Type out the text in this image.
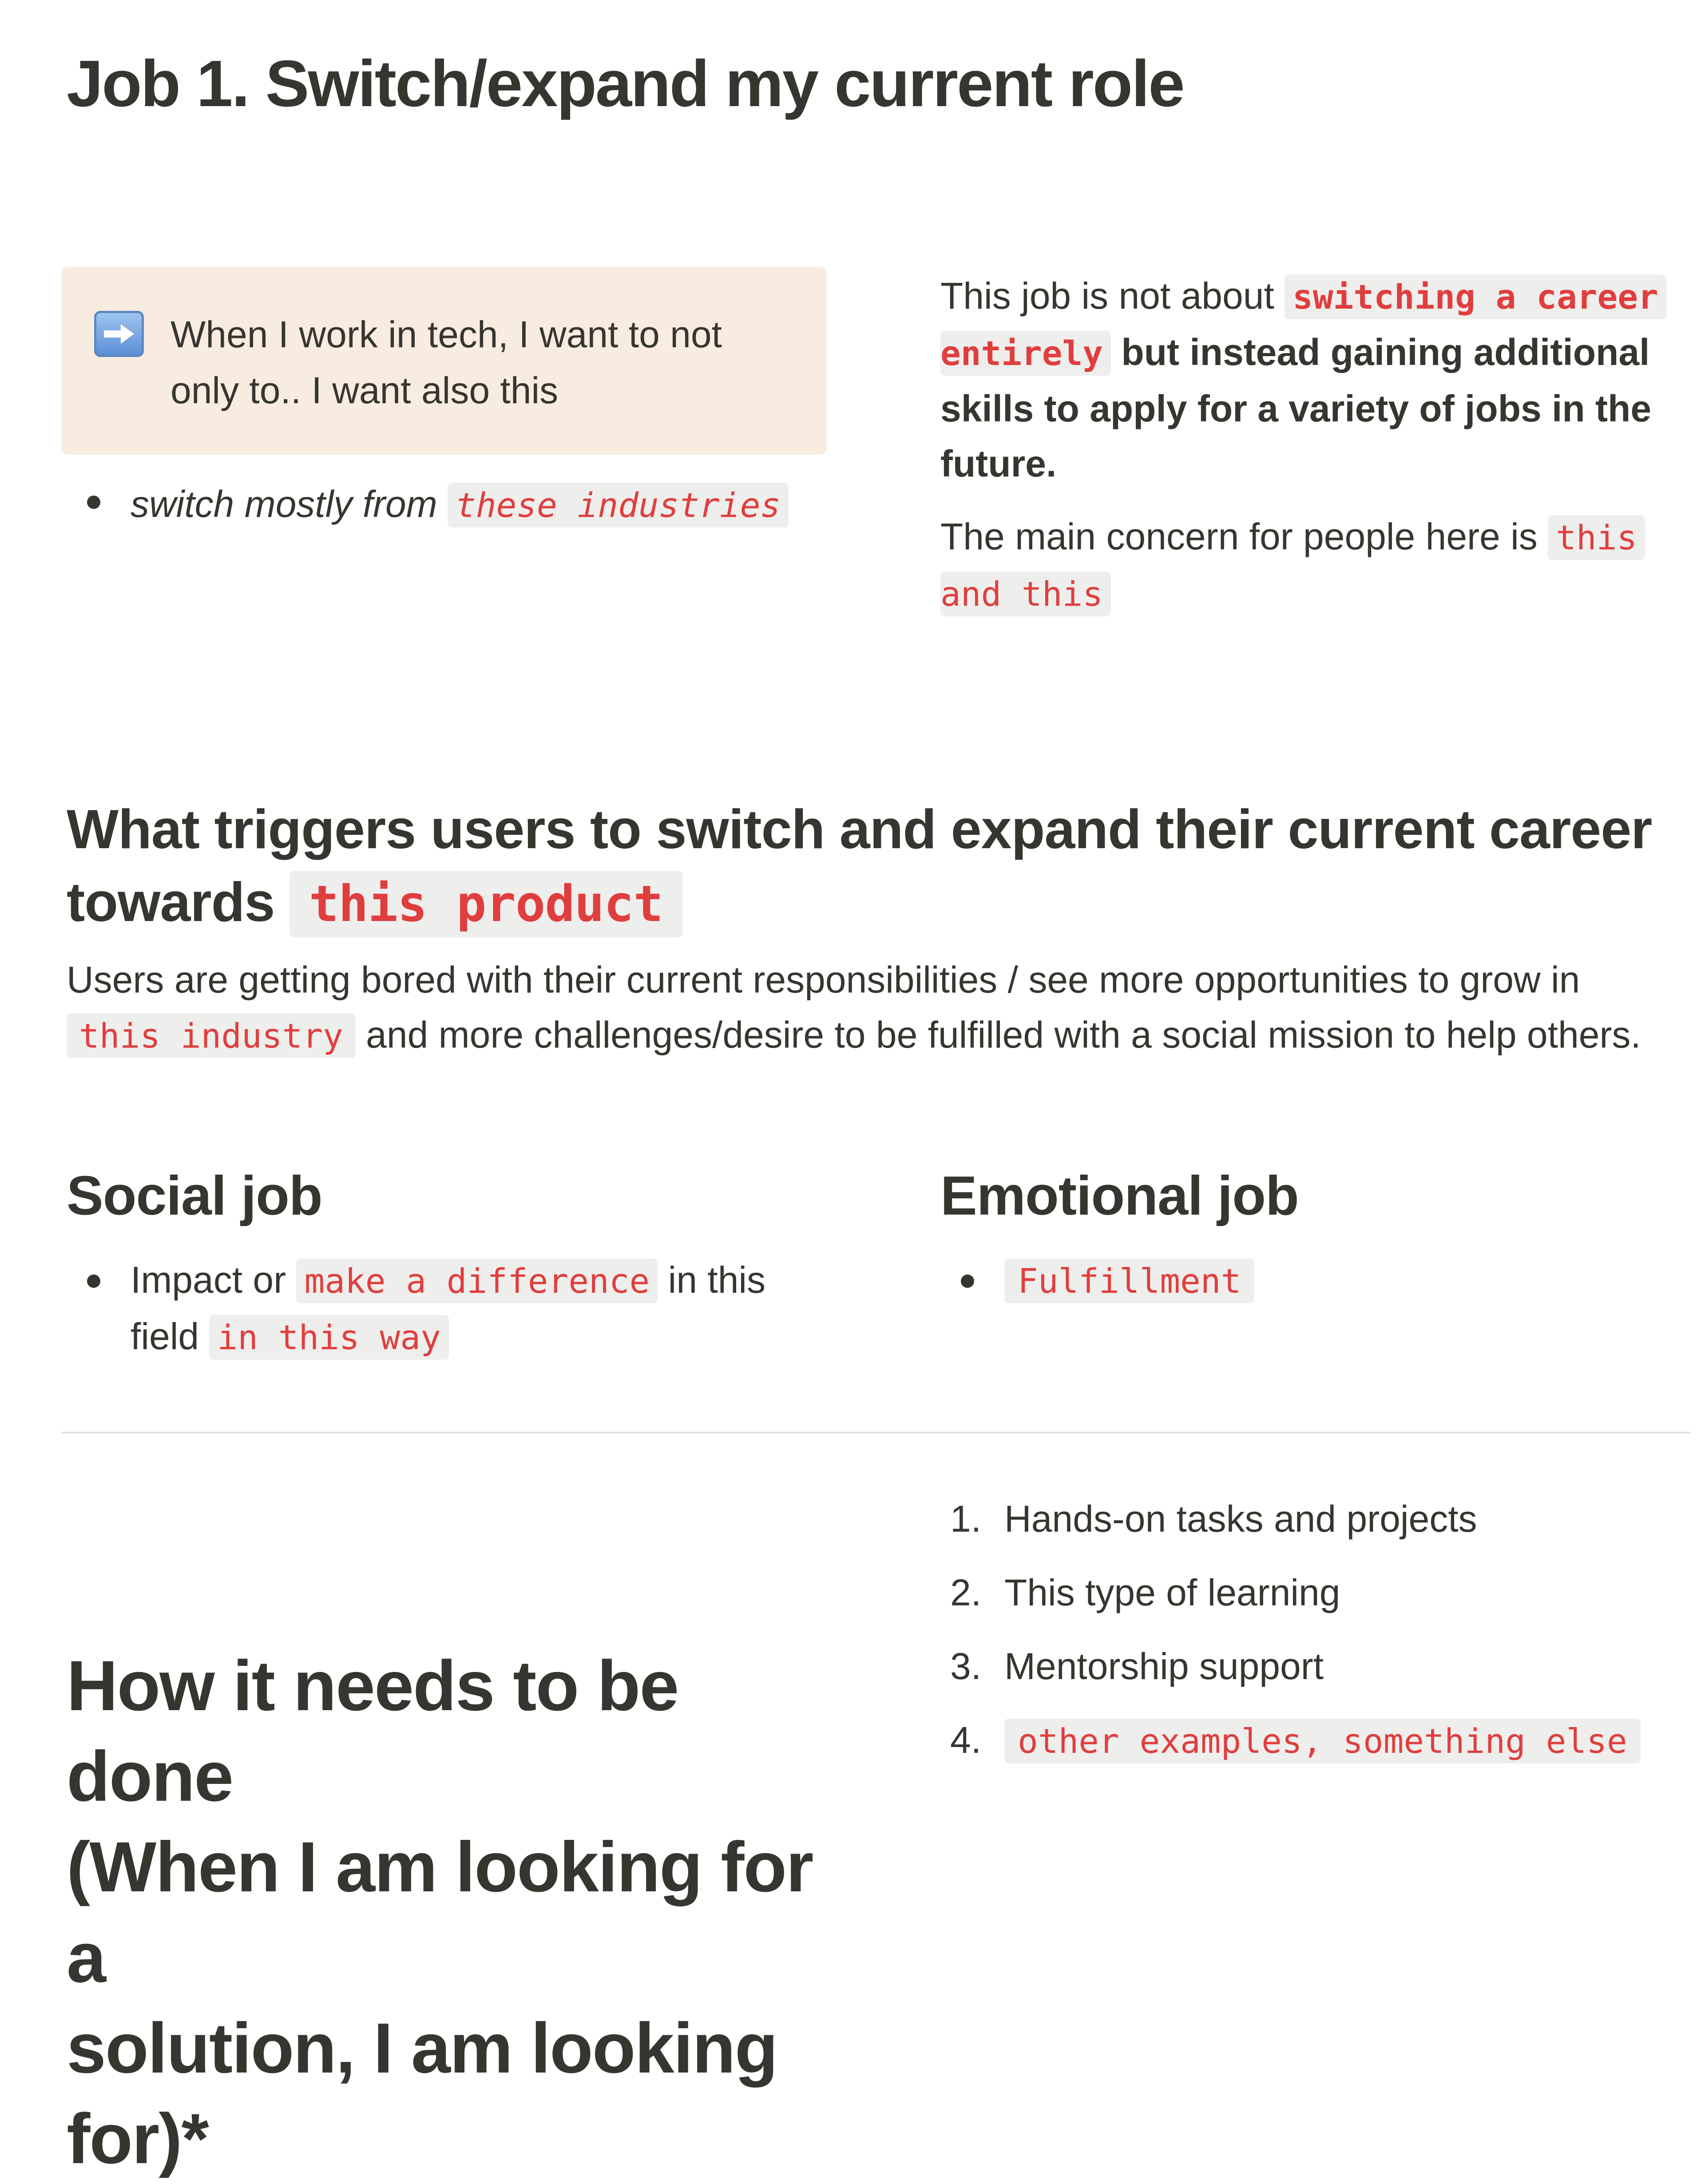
Job 1. Switch/expand my current role
When I work in tech, I want to not
only to.. I want also this
switch mostly from these industries
This job is not about switching a career
entirely but instead gaining additional
skills to apply for a variety of jobs in the
future.
The main concern for people here is this
and this
What triggers users to switch and expand their current career
towards this product
Users are getting bored with their current responsibilities / see more opportunities to grow in
this industry and more challenges/desire to be fulfilled with a social mission to help others.
Social job
Impact or make a difference in this
field in this way
Emotional job
Fulfillment
How it needs to be done
(When I am looking for a
solution, I am looking
for)*
1. Hands-on tasks and projects
2. This type of learning
3. Mentorship support
4.	other examples, something else
